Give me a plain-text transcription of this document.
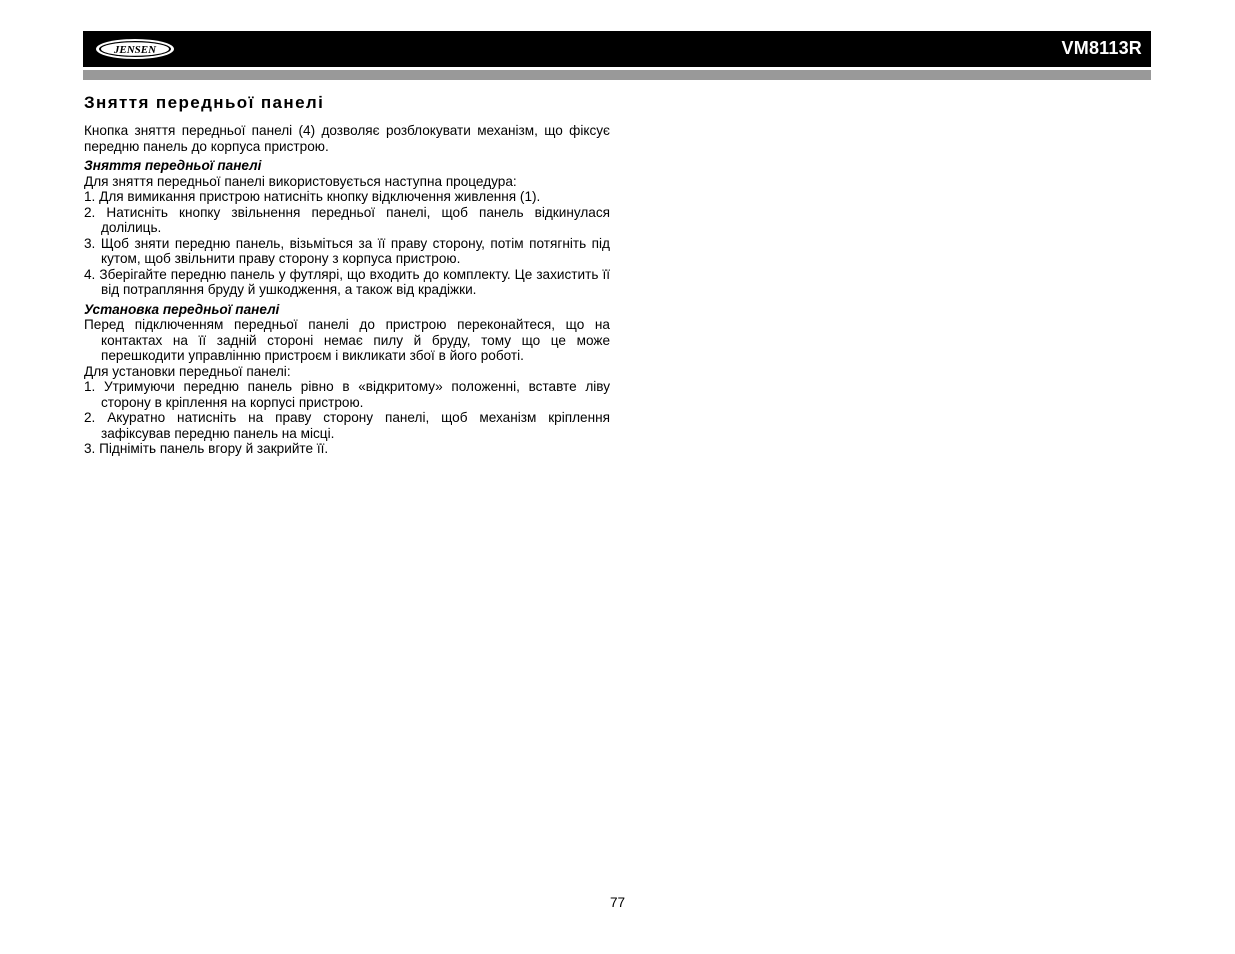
JENSEN	VM8113R
Зняття передньої панелі

Кнопка зняття передньої панелі (4) дозволяє розблокувати механізм, що фіксує передню панель до корпуса пристрою.

Зняття передньої панелі

Для зняття передньої панелі використовується наступна процедура:

1. Для вимикання пристрою натисніть кнопку відключення живлення (1).
2. Натисніть кнопку звільнення передньої панелі, щоб панель відкинулася долілиць.
3. Щоб зняти передню панель, візьміться за її праву сторону, потім потягніть під кутом, щоб звільнити праву сторону з корпуса пристрою.
4. Зберігайте передню панель у футлярі, що входить до комплекту. Це захистить її від потрапляння бруду й ушкодження, а також від крадіжки.

Установка передньої панелі

Перед підключенням передньої панелі до пристрою переконайтеся, що на контактах на її задній стороні немає пилу й бруду, тому що це може перешкодити управлінню пристроєм і викликати збої в його роботі.

Для установки передньої панелі:

1. Утримуючи передню панель рівно в «відкритому» положенні, вставте ліву сторону в кріплення на корпусі пристрою.
2. Акуратно натисніть на праву сторону панелі, щоб механізм кріплення зафіксував передню панель на місці.
3. Підніміть панель вгору й закрийте її.
77
